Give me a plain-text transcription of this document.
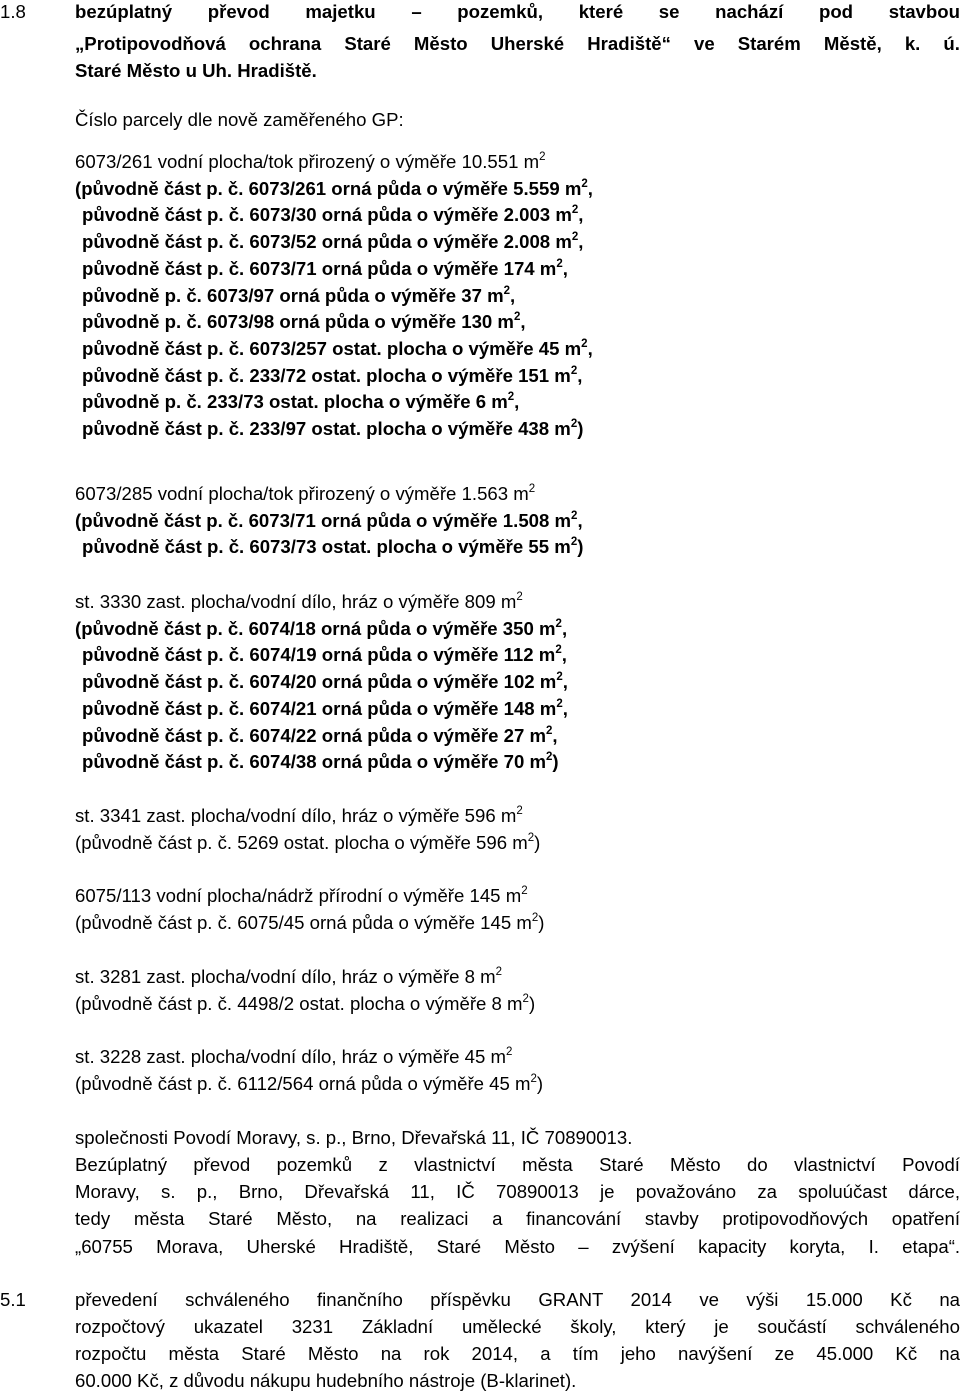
1.8	bezúplatný převod majetku – pozemků, které se nachází pod stavbou
„Protipovodňová ochrana Staré Město Uherské Hradiště“ ve Starém Městě, k. ú.
Staré Město u Uh. Hradiště.
Číslo parcely dle nově zaměřeného GP:
6073/261 vodní plocha/tok přirozený o výměře 10.551 $m^2$
(původně část p. č. 6073/261 orná půda o výměře 5.559 $m^2$,
původně část p. č. 6073/30 orná půda o výměře 2.003 $m^2$,
původně část p. č. 6073/52 orná půda o výměře 2.008 $m^2$,
původně část p. č. 6073/71 orná půda o výměře 174 $m^2$,
původně p. č. 6073/97 orná půda o výměře 37 $m^2$,
původně p. č. 6073/98 orná půda o výměře 130 $m^2$,
původně část p. č. 6073/257 ostat. plocha o výměře 45 $m^2$,
původně část p. č. 233/72 ostat. plocha o výměře 151 $m^2$,
původně p. č. 233/73 ostat. plocha o výměře 6 $m^2$,
původně část p. č. 233/97 ostat. plocha o výměře 438 $m^2$)
6073/285 vodní plocha/tok přirozený o výměře 1.563 $m^2$
(původně část p. č. 6073/71 orná půda o výměře 1.508 $m^2$,
původně část p. č. 6073/73 ostat. plocha o výměře 55 $m^2$)
st. 3330 zast. plocha/vodní dílo, hráz o výměře 809 $m^2$
(původně část p. č. 6074/18 orná půda o výměře 350 $m^2$,
původně část p. č. 6074/19 orná půda o výměře 112 $m^2$,
původně část p. č. 6074/20 orná půda o výměře 102 $m^2$,
původně část p. č. 6074/21 orná půda o výměře 148 $m^2$,
původně část p. č. 6074/22 orná půda o výměře 27 $m^2$,
původně část p. č. 6074/38 orná půda o výměře 70 $m^2$)
st. 3341 zast. plocha/vodní dílo, hráz o výměře 596 $m^2$
(původně část p. č. 5269 ostat. plocha o výměře 596 $m^2$)
6075/113 vodní plocha/nádrž přírodní o výměře 145 $m^2$
(původně část p. č. 6075/45 orná půda o výměře 145 $m^2$)
st. 3281 zast. plocha/vodní dílo, hráz o výměře 8 $m^2$
(původně část p. č. 4498/2 ostat. plocha o výměře 8 $m^2$)
st. 3228 zast. plocha/vodní dílo, hráz o výměře 45 $m^2$
(původně část p. č. 6112/564 orná půda o výměře 45 $m^2$)
společnosti Povodí Moravy, s. p., Brno, Dřevařská 11, IČ 70890013.
Bezúplatný převod pozemků z vlastnictví města Staré Město do vlastnictví Povodí
Moravy, s. p., Brno, Dřevařská 11, IČ 70890013 je považováno za spoluúčast dárce,
tedy města Staré Město, na realizaci a financování stavby protipovodňových opatření
„60755 Morava, Uherské Hradiště, Staré Město – zvýšení kapacity koryta, I. etapa“.
5.1	převedení schváleného finančního příspěvku GRANT 2014 ve výši 15.000 Kč na
rozpočtový ukazatel 3231 Základní umělecké školy, který je součástí schváleného
rozpočtu města Staré Město na rok 2014, a tím jeho navýšení ze 45.000 Kč na
60.000 Kč, z důvodu nákupu hudebního nástroje (B-klarinet).
